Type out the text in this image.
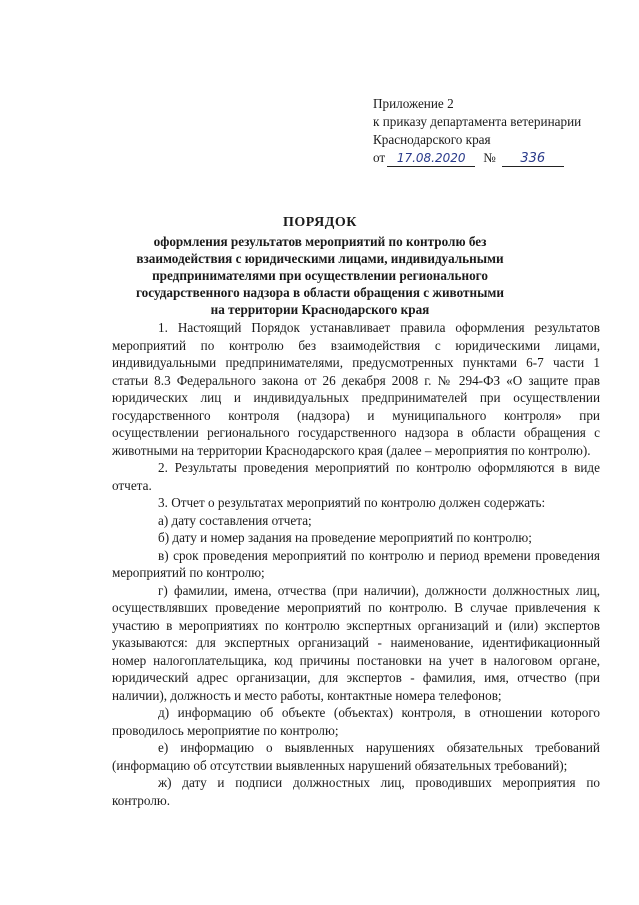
Приложение 2
к приказу департамента ветеринарии
Краснодарского края
от 17.08.2020	№	336
ПОРЯДОК
оформления результатов мероприятий по контролю без взаимодействия с юридическими лицами, индивидуальными предпринимателями при осуществлении регионального государственного надзора в области обращения с животными на территории Краснодарского края

1. Настоящий Порядок устанавливает правила оформления результатов мероприятий по контролю без взаимодействия с юридическими лицами, индивидуальными предпринимателями, предусмотренных пунктами 6-7 части 1 статьи 8.3 Федерального закона от 26 декабря 2008 г. № 294-ФЗ «О защите прав юридических лиц и индивидуальных предпринимателей при осуществлении государственного контроля (надзора) и муниципального контроля» при осуществлении регионального государственного надзора в области обращения с животными на территории Краснодарского края (далее – мероприятия по контролю).

2. Результаты проведения мероприятий по контролю оформляются в виде отчета.

3. Отчет о результатах мероприятий по контролю должен содержать:

а) дату составления отчета;

б) дату и номер задания на проведение мероприятий по контролю;

в) срок проведения мероприятий по контролю и период времени проведения мероприятий по контролю;

г) фамилии, имена, отчества (при наличии), должности должностных лиц, осуществлявших проведение мероприятий по контролю. В случае привлечения к участию в мероприятиях по контролю экспертных организаций и (или) экспертов указываются: для экспертных организаций - наименование, идентификационный номер налогоплательщика, код причины постановки на учет в налоговом органе, юридический адрес организации, для экспертов - фамилия, имя, отчество (при наличии), должность и место работы, контактные номера телефонов;

д) информацию об объекте (объектах) контроля, в отношении которого проводилось мероприятие по контролю;

е) информацию о выявленных нарушениях обязательных требований (информацию об отсутствии выявленных нарушений обязательных требований);

ж) дату и подписи должностных лиц, проводивших мероприятия по контролю.
